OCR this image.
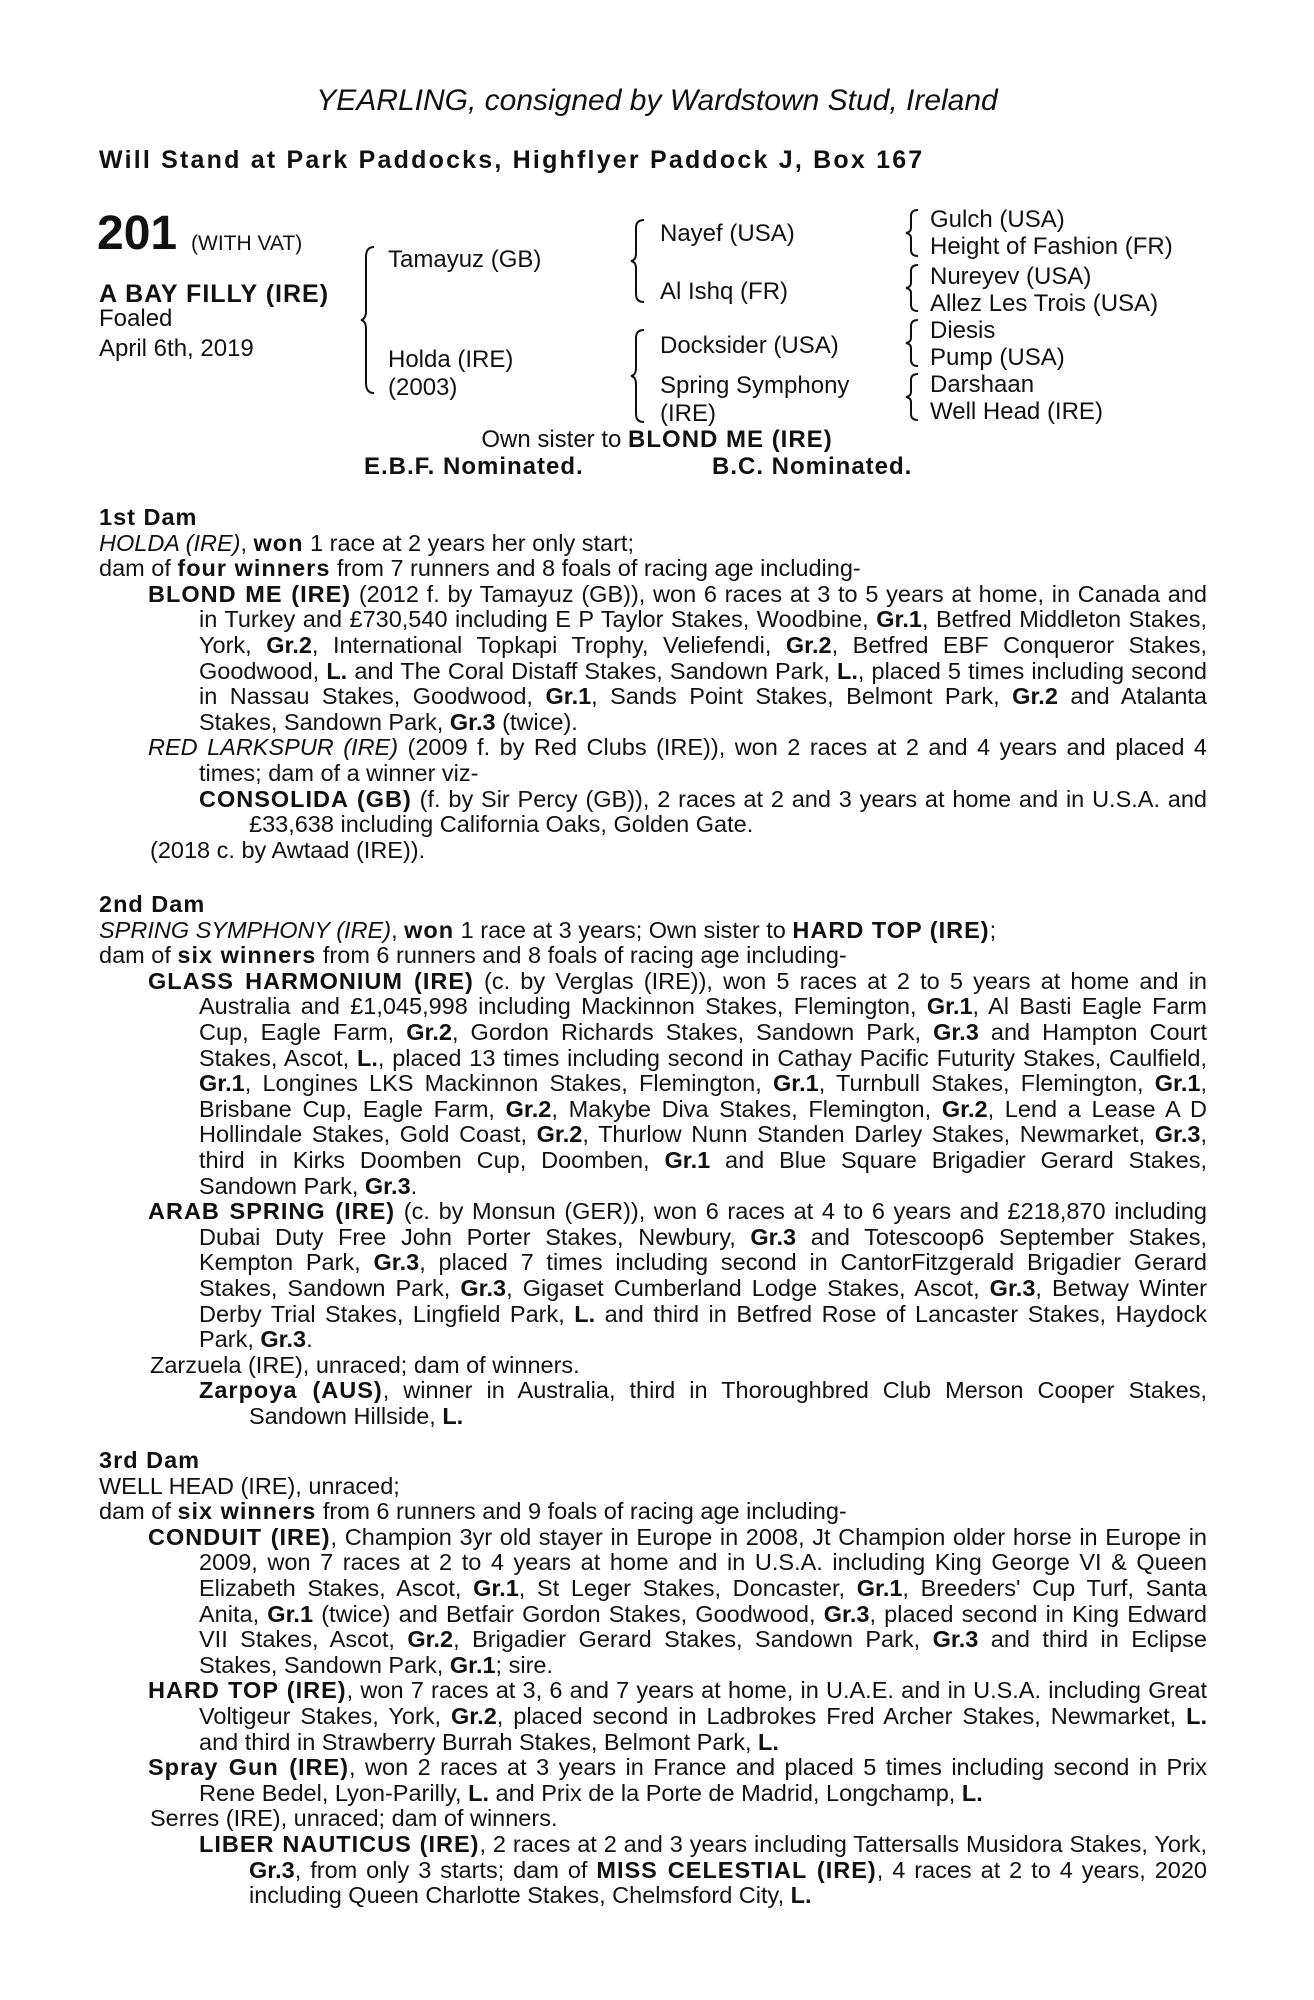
YEARLING, consigned by Wardstown Stud, Ireland
Will Stand at Park Paddocks, Highflyer Paddock J, Box 167
201 (WITH VAT)
A BAY FILLY (IRE)
Foaled
April 6th, 2019
Tamayuz (GB)
Holda (IRE)
(2003)
Nayef (USA)
Al Ishq (FR)
Docksider (USA)
Spring Symphony
(IRE)
Gulch (USA)
Height of Fashion (FR)
Nureyev (USA)
Allez Les Trois (USA)
Diesis
Pump (USA)
Darshaan
Well Head (IRE)
Own sister to BLOND ME (IRE)
E.B.F. Nominated.	B.C. Nominated.

1st Dam

HOLDA (IRE), won 1 race at 2 years her only start;

dam of four winners from 7 runners and 8 foals of racing age including-

BLOND ME (IRE) (2012 f. by Tamayuz (GB)), won 6 races at 3 to 5 years at home, in Canada and in Turkey and £730,540 including E P Taylor Stakes, Woodbine, Gr.1, Betfred Middleton Stakes, York, Gr.2, International Topkapi Trophy, Veliefendi, Gr.2, Betfred EBF Conqueror Stakes, Goodwood, L. and The Coral Distaff Stakes, Sandown Park, L., placed 5 times including second in Nassau Stakes, Goodwood, Gr.1, Sands Point Stakes, Belmont Park, Gr.2 and Atalanta Stakes, Sandown Park, Gr.3 (twice).

RED LARKSPUR (IRE) (2009 f. by Red Clubs (IRE)), won 2 races at 2 and 4 years and placed 4 times; dam of a winner viz-

CONSOLIDA (GB) (f. by Sir Percy (GB)), 2 races at 2 and 3 years at home and in U.S.A. and £33,638 including California Oaks, Golden Gate.

(2018 c. by Awtaad (IRE)).

2nd Dam

SPRING SYMPHONY (IRE), won 1 race at 3 years; Own sister to HARD TOP (IRE);

dam of six winners from 6 runners and 8 foals of racing age including-

GLASS HARMONIUM (IRE) (c. by Verglas (IRE)), won 5 races at 2 to 5 years at home and in Australia and £1,045,998 including Mackinnon Stakes, Flemington, Gr.1, Al Basti Eagle Farm Cup, Eagle Farm, Gr.2, Gordon Richards Stakes, Sandown Park, Gr.3 and Hampton Court Stakes, Ascot, L., placed 13 times including second in Cathay Pacific Futurity Stakes, Caulfield, Gr.1, Longines LKS Mackinnon Stakes, Flemington, Gr.1, Turnbull Stakes, Flemington, Gr.1, Brisbane Cup, Eagle Farm, Gr.2, Makybe Diva Stakes, Flemington, Gr.2, Lend a Lease A D Hollindale Stakes, Gold Coast, Gr.2, Thurlow Nunn Standen Darley Stakes, Newmarket, Gr.3, third in Kirks Doomben Cup, Doomben, Gr.1 and Blue Square Brigadier Gerard Stakes, Sandown Park, Gr.3.

ARAB SPRING (IRE) (c. by Monsun (GER)), won 6 races at 4 to 6 years and £218,870 including Dubai Duty Free John Porter Stakes, Newbury, Gr.3 and Totescoop6 September Stakes, Kempton Park, Gr.3, placed 7 times including second in CantorFitzgerald Brigadier Gerard Stakes, Sandown Park, Gr.3, Gigaset Cumberland Lodge Stakes, Ascot, Gr.3, Betway Winter Derby Trial Stakes, Lingfield Park, L. and third in Betfred Rose of Lancaster Stakes, Haydock Park, Gr.3.

Zarzuela (IRE), unraced; dam of winners.

Zarpoya (AUS), winner in Australia, third in Thoroughbred Club Merson Cooper Stakes, Sandown Hillside, L.

3rd Dam

WELL HEAD (IRE), unraced;

dam of six winners from 6 runners and 9 foals of racing age including-

CONDUIT (IRE), Champion 3yr old stayer in Europe in 2008, Jt Champion older horse in Europe in 2009, won 7 races at 2 to 4 years at home and in U.S.A. including King George VI & Queen Elizabeth Stakes, Ascot, Gr.1, St Leger Stakes, Doncaster, Gr.1, Breeders' Cup Turf, Santa Anita, Gr.1 (twice) and Betfair Gordon Stakes, Goodwood, Gr.3, placed second in King Edward VII Stakes, Ascot, Gr.2, Brigadier Gerard Stakes, Sandown Park, Gr.3 and third in Eclipse Stakes, Sandown Park, Gr.1; sire.

HARD TOP (IRE), won 7 races at 3, 6 and 7 years at home, in U.A.E. and in U.S.A. including Great Voltigeur Stakes, York, Gr.2, placed second in Ladbrokes Fred Archer Stakes, Newmarket, L. and third in Strawberry Burrah Stakes, Belmont Park, L.

Spray Gun (IRE), won 2 races at 3 years in France and placed 5 times including second in Prix Rene Bedel, Lyon-Parilly, L. and Prix de la Porte de Madrid, Longchamp, L.

Serres (IRE), unraced; dam of winners.

LIBER NAUTICUS (IRE), 2 races at 2 and 3 years including Tattersalls Musidora Stakes, York, Gr.3, from only 3 starts; dam of MISS CELESTIAL (IRE), 4 races at 2 to 4 years, 2020 including Queen Charlotte Stakes, Chelmsford City, L.
